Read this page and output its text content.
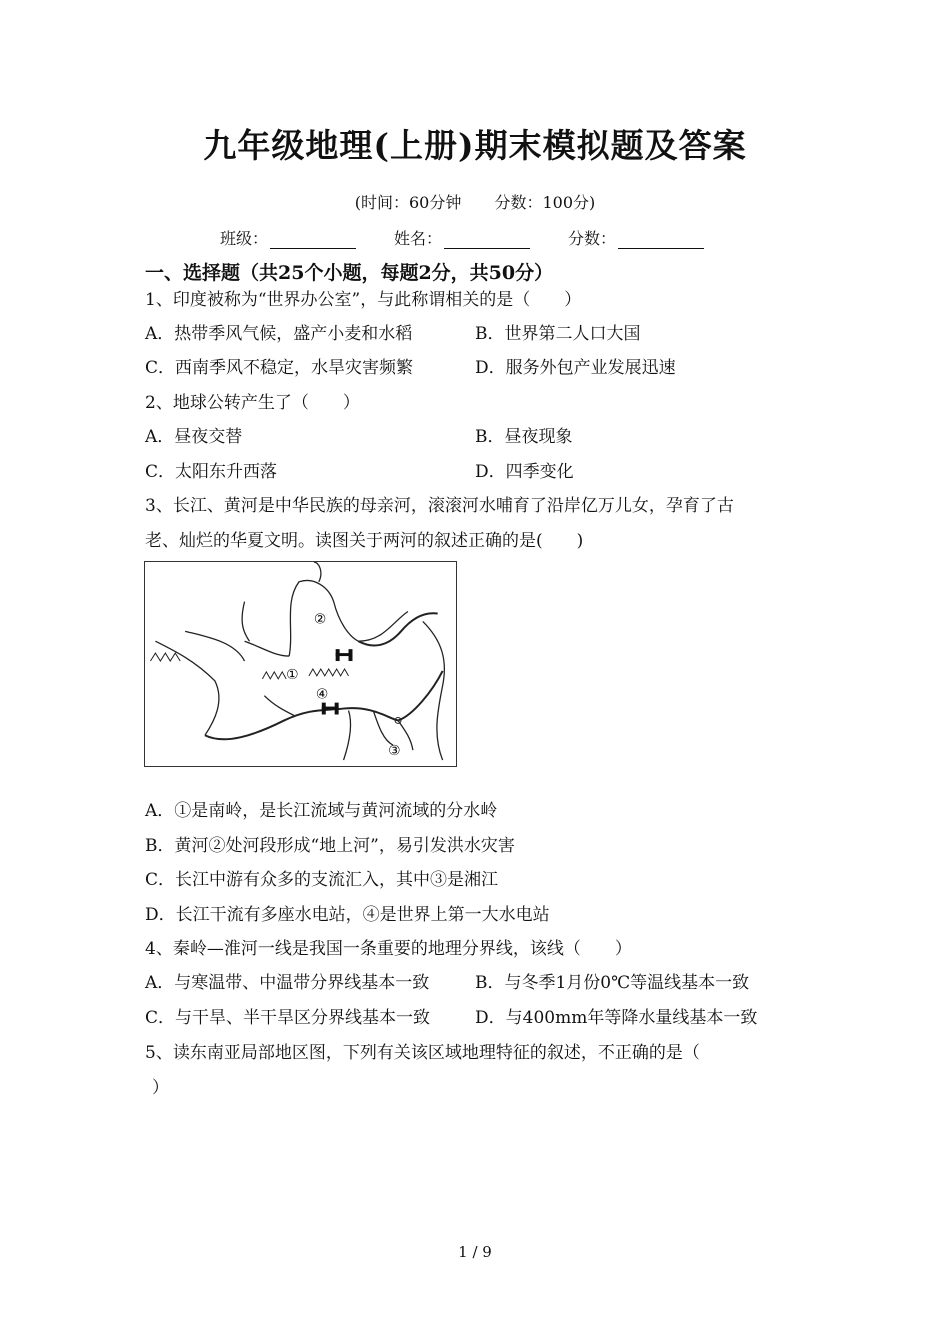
九年级地理(上册)期末模拟题及答案
(时间：60分钟 分数：100分)
班级：	姓名：	分数：
一、选择题（共25个小题，每题2分，共50分）
1、印度被称为“世界办公室”，与此称谓相关的是（　　）
A．热带季风气候，盛产小麦和水稻	B．世界第二人口大国
C．西南季风不稳定，水旱灾害频繁	D．服务外包产业发展迅速
2、地球公转产生了（　　）
A．昼夜交替	B．昼夜现象
C．太阳东升西落	D．四季变化
3、长江、黄河是中华民族的母亲河，滚滚河水哺育了沿岸亿万儿女，孕育了古
老、灿烂的华夏文明。读图关于两河的叙述正确的是(　　)
②
①
④
③
A．①是南岭，是长江流域与黄河流域的分水岭
B．黄河②处河段形成“地上河”，易引发洪水灾害
C．长江中游有众多的支流汇入，其中③是湘江
D．长江干流有多座水电站，④是世界上第一大水电站
4、秦岭—淮河一线是我国一条重要的地理分界线，该线（　　）
A．与寒温带、中温带分界线基本一致	B．与冬季1月份0℃等温线基本一致
C．与干旱、半干旱区分界线基本一致	D．与400mm年等降水量线基本一致
5、读东南亚局部地区图，下列有关该区域地理特征的叙述，不正确的是（
）
1 / 9
